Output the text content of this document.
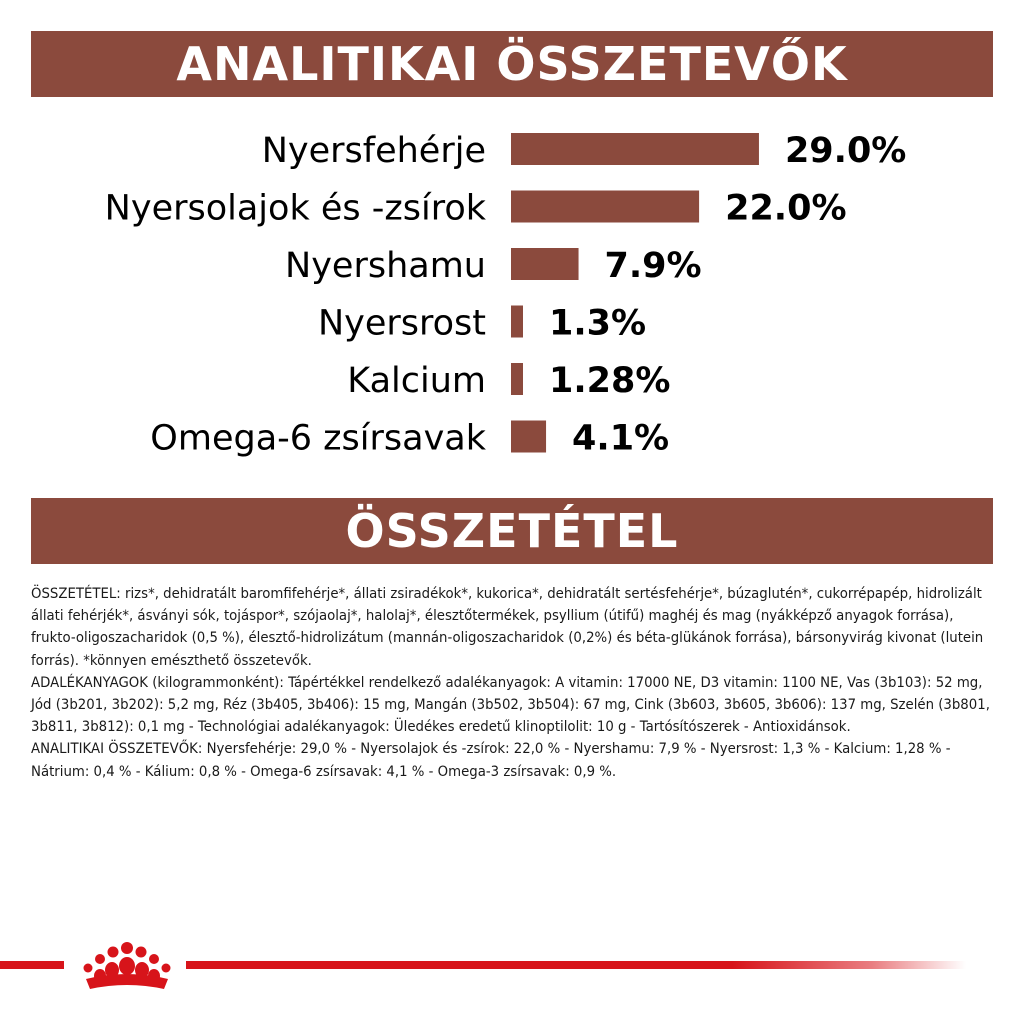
ANALITIKAI ÖSSZETEVŐK
Nyersfehérje	29.0%
Nyersolajok és -zsírok	22.0%
Nyershamu	7.9%
Nyersrost 1.3%
Kalcium 1.28%
Omega-6 zsírsavak 4.1%
ÖSSZETÉTEL

ÖSSZETÉTEL: rizs*, dehidratált baromfifehérje*, állati zsiradékok*, kukorica*, dehidratált sertésfehérje*, búzaglutén*, cukorrépapép, hidrolizált állati fehérjék*, ásványi sók, tojáspor*, szójaolaj*, halolaj*, élesztőtermékek, psyllium (útifű) maghéj és mag (nyákképző anyagok forrása), frukto-oligoszacharidok (0,5 %), élesztő-hidrolizátum (mannán-oligoszacharidok (0,2%) és béta-glükánok forrása), bársonyvirág kivonat (lutein forrás). *könnyen emészthető összetevők.

ADALÉKANYAGOK (kilogrammonként): Tápértékkel rendelkező adalékanyagok: A vitamin: 17000 NE, D3 vitamin: 1100 NE, Vas (3b103): 52 mg, Jód (3b201, 3b202): 5,2 mg, Réz (3b405, 3b406): 15 mg, Mangán (3b502, 3b504): 67 mg, Cink (3b603, 3b605, 3b606): 137 mg, Szelén (3b801, 3b811, 3b812): 0,1 mg - Technológiai adalékanyagok: Üledékes eredetű klinoptilolit: 10 g - Tartósítószerek - Antioxidánsok.

ANALITIKAI ÖSSZETEVŐK: Nyersfehérje: 29,0 % - Nyersolajok és -zsírok: 22,0 % - Nyershamu: 7,9 % - Nyersrost: 1,3 % - Kalcium: 1,28 % - Nátrium: 0,4 % - Kálium: 0,8 % - Omega-6 zsírsavak: 4,1 % - Omega-3 zsírsavak: 0,9 %.
